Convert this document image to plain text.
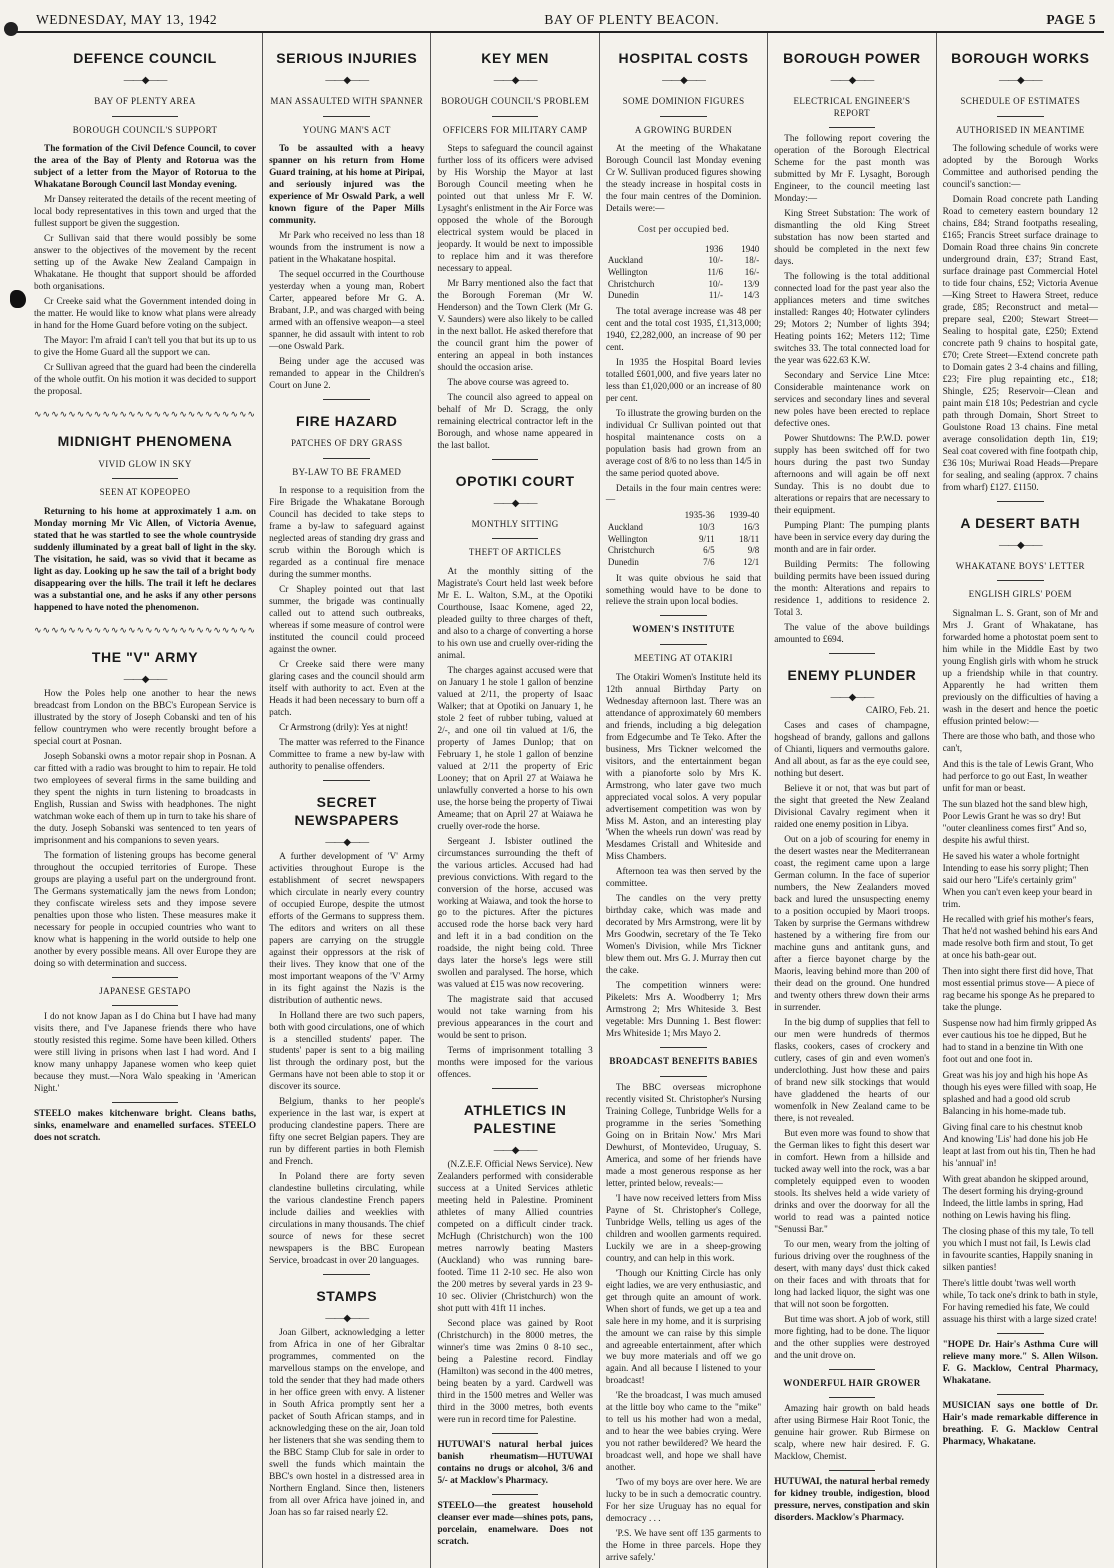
WEDNESDAY, MAY 13, 1942	BAY OF PLENTY BEACON.	PAGE 5
DEFENCE COUNCIL
——◆——
BAY OF PLENTY AREA
BOROUGH COUNCIL'S SUPPORT

The formation of the Civil Defence Council, to cover the area of the Bay of Plenty and Rotorua was the subject of a letter from the Mayor of Rotorua to the Whakatane Borough Council last Monday evening.

Mr Dansey reiterated the details of the recent meeting of local body representatives in this town and urged that the fullest support be given the suggestion.

Cr Sullivan said that there would possibly be some answer to the objectives of the movement by the recent setting up of the Awake New Zealand Campaign in Whakatane. He thought that support should be afforded both organisations.

Cr Creeke said what the Government intended doing in the matter. He would like to know what plans were already in hand for the Home Guard before voting on the subject.

The Mayor: I'm afraid I can't tell you that but its up to us to give the Home Guard all the support we can.

Cr Sullivan agreed that the guard had been the cinderella of the whole outfit. On his motion it was decided to support the proposal.

∿∿∿∿∿∿∿∿∿∿∿∿∿∿∿∿∿∿∿∿∿∿∿∿∿∿
MIDNIGHT PHENOMENA
VIVID GLOW IN SKY
SEEN AT KOPEOPEO

Returning to his home at approximately 1 a.m. on Monday morning Mr Vic Allen, of Victoria Avenue, stated that he was startled to see the whole countryside suddenly illuminated by a great ball of light in the sky. The visitation, he said, was so vivid that it became as light as day. Looking up he saw the tail of a bright body disappearing over the hills. The trail it left he declares was a substantial one, and he asks if any other persons happened to have noted the phenomenon.

∿∿∿∿∿∿∿∿∿∿∿∿∿∿∿∿∿∿∿∿∿∿∿∿∿∿
THE "V" ARMY
——◆——

How the Poles help one another to hear the news breadcast from London on the BBC's European Service is illustrated by the story of Joseph Cobanski and ten of his fellow countrymen who were recently brought before a special court at Posnan.

Joseph Sobanski owns a motor repair shop in Posnan. A car fitted with a radio was brought to him to repair. He told two employees of several firms in the same building and they spent the nights in turn listening to broadcasts in English, Russian and Swiss with headphones. The night watchman woke each of them up in turn to take his share of the duty. Joseph Sobanski was sentenced to ten years of imprisonment and his companions to seven years.

The formation of listening groups has become general throughout the occupied territories of Europe. These groups are playing a useful part on the underground front. The Germans systematically jam the news from London; they confiscate wireless sets and they impose severe penalties upon those who listen. These measures make it necessary for people in occupied countries who want to know what is happening in the world outside to help one another by every possible means. All over Europe they are doing so with determination and success.

JAPANESE GESTAPO

I do not know Japan as I do China but I have had many visits there, and I've Japanese friends there who have stoutly resisted this regime. Some have been killed. Others were still living in prisons when last I had word. And I know many unhappy Japanese women who keep quiet because they must.—Nora Walo speaking in 'American Night.'

STEELO makes kitchenware bright. Cleans baths, sinks, enamelware and enamelled surfaces. STEELO does not scratch.

SERIOUS INJURIES
——◆——
MAN ASSAULTED WITH SPANNER
YOUNG MAN'S ACT

To be assaulted with a heavy spanner on his return from Home Guard training, at his home at Piripai, and seriously injured was the experience of Mr Oswald Park, a well known figure of the Paper Mills community.

Mr Park who received no less than 18 wounds from the instrument is now a patient in the Whakatane hospital.

The sequel occurred in the Courthouse yesterday when a young man, Robert Carter, appeared before Mr G. A. Brabant, J.P., and was charged with being armed with an offensive weapon—a steel spanner, he did assault with intent to rob—one Oswald Park.

Being under age the accused was remanded to appear in the Children's Court on June 2.

FIRE HAZARD
PATCHES OF DRY GRASS
BY-LAW TO BE FRAMED

In response to a requisition from the Fire Brigade the Whakatane Borough Council has decided to take steps to frame a by-law to safeguard against neglected areas of standing dry grass and scrub within the Borough which is regarded as a continual fire menace during the summer months.

Cr Shapley pointed out that last summer, the brigade was continually called out to attend such outbreaks, whereas if some measure of control were instituted the council could proceed against the owner.

Cr Creeke said there were many glaring cases and the council should arm itself with authority to act. Even at the Heads it had been necessary to burn off a patch.

Cr Armstrong (drily): Yes at night!

The matter was referred to the Finance Committee to frame a new by-law with authority to penalise offenders.

SECRET NEWSPAPERS
——◆——

A further development of 'V' Army activities throughout Europe is the establishment of secret newspapers which circulate in nearly every country of occupied Europe, despite the utmost efforts of the Germans to suppress them. The editors and writers on all these papers are carrying on the struggle against their oppressors at the risk of their lives. They know that one of the most important weapons of the 'V' Army in its fight against the Nazis is the distribution of authentic news.

In Holland there are two such papers, both with good circulations, one of which is a stencilled students' paper. The students' paper is sent to a big mailing list through the ordinary post, but the Germans have not been able to stop it or discover its source.

Belgium, thanks to her people's experience in the last war, is expert at producing clandestine papers. There are fifty one secret Belgian papers. They are run by different parties in both Flemish and French.

In Poland there are forty seven clandestine bulletins circulating, while the various clandestine French papers include dailies and weeklies with circulations in many thousands. The chief source of news for these secret newspapers is the BBC European Service, broadcast in over 20 languages.

STAMPS
——◆——

Joan Gilbert, acknowledging a letter from Africa in one of her Gibraltar programmes, commented on the marvellous stamps on the envelope, and told the sender that they had made others in her office green with envy. A listener in South Africa promptly sent her a packet of South African stamps, and in acknowledging these on the air, Joan told her listeners that she was sending them to the BBC Stamp Club for sale in order to swell the funds which maintain the BBC's own hostel in a distressed area in Northern England. Since then, listeners from all over Africa have joined in, and Joan has so far raised nearly £2.

KEY MEN
——◆——
BOROUGH COUNCIL'S PROBLEM
OFFICERS FOR MILITARY CAMP

Steps to safeguard the council against further loss of its officers were advised by His Worship the Mayor at last Borough Council meeting when he pointed out that unless Mr F. W. Lysaght's enlistment in the Air Force was opposed the whole of the Borough electrical system would be placed in jeopardy. It would be next to impossible to replace him and it was therefore necessary to appeal.

Mr Barry mentioned also the fact that the Borough Foreman (Mr W. Henderson) and the Town Clerk (Mr G. V. Saunders) were also likely to be called in the next ballot. He asked therefore that the council grant him the power of entering an appeal in both instances should the occasion arise.

The above course was agreed to.

The council also agreed to appeal on behalf of Mr D. Scragg, the only remaining electrical contractor left in the Borough, and whose name appeared in the last ballot.

OPOTIKI COURT
——◆——
MONTHLY SITTING
THEFT OF ARTICLES

At the monthly sitting of the Magistrate's Court held last week before Mr E. L. Walton, S.M., at the Opotiki Courthouse, Isaac Komene, aged 22, pleaded guilty to three charges of theft, and also to a charge of converting a horse to his own use and cruelly over-riding the animal.

The charges against accused were that on January 1 he stole 1 gallon of benzine valued at 2/11, the property of Isaac Walker; that at Opotiki on January 1, he stole 2 feet of rubber tubing, valued at 2/-, and one oil tin valued at 1/6, the property of James Dunlop; that on February 1, he stole 1 gallon of benzine valued at 2/11 the property of Eric Looney; that on April 27 at Waiawa he unlawfully converted a horse to his own use, the horse being the property of Tiwai Ameame; that on April 27 at Waiawa he cruelly over-rode the horse.

Sergeant J. Isbister outlined the circumstances surrounding the theft of the various articles. Accused had had previous convictions. With regard to the conversion of the horse, accused was working at Waiawa, and took the horse to go to the pictures. After the pictures accused rode the horse back very hard and left it in a bad condition on the roadside, the night being cold. Three days later the horse's legs were still swollen and paralysed. The horse, which was valued at £15 was now recovering.

The magistrate said that accused would not take warning from his previous appearances in the court and would be sent to prison.

Terms of imprisonment totalling 3 months were imposed for the various offences.

ATHLETICS IN PALESTINE
——◆——

(N.Z.E.F. Official News Service). New Zealanders performed with considerable success at a United Services athletic meeting held in Palestine. Prominent athletes of many Allied countries competed on a difficult cinder track. McHugh (Christchurch) won the 100 metres narrowly beating Masters (Auckland) who was running bare-footed. Time 11 2-10 sec. He also won the 200 metres by several yards in 23 9-10 sec. Olivier (Christchurch) won the shot putt with 41ft 11 inches.

Second place was gained by Root (Christchurch) in the 8000 metres, the winner's time was 2mins 0 8-10 sec., being a Palestine record. Findlay (Hamilton) was second in the 400 metres, being beaten by a yard. Cardwell was third in the 1500 metres and Weller was third in the 3000 metres, both events were run in record time for Palestine.

HUTUWAI'S natural herbal juices banish rheumatism—HUTUWAI contains no drugs or alcohol, 3/6 and 5/- at Macklow's Pharmacy.

STEELO—the greatest household cleanser ever made—shines pots, pans, porcelain, enamelware. Does not scratch.

HOSPITAL COSTS
——◆——
SOME DOMINION FIGURES
A GROWING BURDEN

At the meeting of the Whakatane Borough Council last Monday evening Cr W. Sullivan produced figures showing the steady increase in hospital costs in the four main centres of the Dominion. Details were:—

Cost per occupied bed.
	1936	1940
Auckland	10/-	18/-
Wellington	11/6	16/-
Christchurch	10/-	13/9
Dunedin	11/-	14/3

The total average increase was 48 per cent and the total cost 1935, £1,313,000; 1940, £2,282,000, an increase of 90 per cent.

In 1935 the Hospital Board levies totalled £601,000, and five years later no less than £1,020,000 or an increase of 80 per cent.

To illustrate the growing burden on the individual Cr Sullivan pointed out that hospital maintenance costs on a population basis had grown from an average cost of 8/6 to no less than 14/5 in the same period quoted above.

Details in the four main centres were:—

	1935-36	1939-40
Auckland	10/3	16/3
Wellington	9/11	18/11
Christchurch	6/5	9/8
Dunedin	7/6	12/1

It was quite obvious he said that something would have to be done to relieve the strain upon local bodies.

WOMEN'S INSTITUTE
MEETING AT OTAKIRI

The Otakiri Women's Institute held its 12th annual Birthday Party on Wednesday afternoon last. There was an attendance of approximately 60 members and friends, including a big delegation from Edgecumbe and Te Teko. After the business, Mrs Tickner welcomed the visitors, and the entertainment began with a pianoforte solo by Mrs K. Armstrong, who later gave two much appreciated vocal solos. A very popular advertisement competition was won by Miss M. Aston, and an interesting play 'When the wheels run down' was read by Mesdames Cristall and Whiteside and Miss Chambers.

Afternoon tea was then served by the committee.

The candles on the very pretty birthday cake, which was made and decorated by Mrs Armstrong, were lit by Mrs Goodwin, secretary of the Te Teko Women's Division, while Mrs Tickner blew them out. Mrs G. J. Murray then cut the cake.

The competition winners were: Pikelets: Mrs A. Woodberry 1; Mrs Armstrong 2; Mrs Whiteside 3. Best vegetable: Mrs Dunning 1. Best flower: Mrs Whiteside 1; Mrs Mayo 2.

BROADCAST BENEFITS BABIES

The BBC overseas microphone recently visited St. Christopher's Nursing Training College, Tunbridge Wells for a programme in the series 'Something Going on in Britain Now.' Mrs Mari Dewhurst, of Montevideo, Uruguay, S. America, and some of her friends have made a most generous response as her letter, printed below, reveals:—

'I have now received letters from Miss Payne of St. Christopher's College, Tunbridge Wells, telling us ages of the children and woollen garments required. Luckily we are in a sheep-growing country, and can help in this work.

'Though our Knitting Circle has only eight ladies, we are very enthusiastic, and get through quite an amount of work. When short of funds, we get up a tea and sale here in my home, and it is surprising the amount we can raise by this simple and agreeable entertainment, after which we buy more materials and off we go again. And all because I listened to your broadcast!

'Re the broadcast, I was much amused at the little boy who came to the "mike" to tell us his mother had won a medal, and to hear the wee babies crying. Were you not rather bewildered? We heard the broadcast well, and hope we shall have another.

'Two of my boys are over here. We are lucky to be in such a democratic country. For her size Uruguay has no equal for democracy . . .

'P.S. We have sent off 135 garments to the Home in three parcels. Hope they arrive safely.'

BOROUGH POWER
——◆——
ELECTRICAL ENGINEER'S REPORT

The following report covering the operation of the Borough Electrical Scheme for the past month was submitted by Mr F. Lysaght, Borough Engineer, to the council meeting last Monday:—

King Street Substation: The work of dismantling the old King Street substation has now been started and should be completed in the next few days.

The following is the total additional connected load for the past year also the appliances meters and time switches installed: Ranges 40; Hotwater cylinders 29; Motors 2; Number of lights 394; Heating points 162; Meters 112; Time switches 33. The total connected load for the year was 622.63 K.W.

Secondary and Service Line Mtce: Considerable maintenance work on services and secondary lines and several new poles have been erected to replace defective ones.

Power Shutdowns: The P.W.D. power supply has been switched off for two hours during the past two Sunday afternoons and will again be off next Sunday. This is no doubt due to alterations or repairs that are necessary to their equipment.

Pumping Plant: The pumping plants have been in service every day during the month and are in fair order.

Building Permits: The following building permits have been issued during the month: Alterations and repairs to residence 1, additions to residence 2. Total 3.

The value of the above buildings amounted to £694.

ENEMY PLUNDER
——◆——

CAIRO, Feb. 21.

Cases and cases of champagne, hogshead of brandy, gallons and gallons of Chianti, liquers and vermouths galore. And all about, as far as the eye could see, nothing but desert.

Believe it or not, that was but part of the sight that greeted the New Zealand Divisional Cavalry regiment when it raided one enemy position in Libya.

Out on a job of scouring for enemy in the desert wastes near the Mediterranean coast, the regiment came upon a large German column. In the face of superior numbers, the New Zealanders moved back and lured the unsuspecting enemy to a position occupied by Maori troops. Taken by surprise the Germans withdrew hastened by a withering fire from our machine guns and antitank guns, and after a fierce bayonet charge by the Maoris, leaving behind more than 200 of their dead on the ground. One hundred and twenty others threw down their arms in surrender.

In the big dump of supplies that fell to our men were hundreds of thermos flasks, cookers, cases of crockery and cutlery, cases of gin and even women's underclothing. Just how these and pairs of brand new silk stockings that would have gladdened the hearts of our womenfolk in New Zealand came to be there, is not revealed.

But even more was found to show that the German likes to fight this desert war in comfort. Hewn from a hillside and tucked away well into the rock, was a bar completely equipped even to wooden stools. Its shelves held a wide variety of drinks and over the doorway for all the world to read was a painted notice "Senussi Bar."

To our men, weary from the jolting of furious driving over the roughness of the desert, with many days' dust thick caked on their faces and with throats that for long had lacked liquor, the sight was one that will not soon be forgotten.

But time was short. A job of work, still more fighting, had to be done. The liquor and the other supplies were destroyed and the unit drove on.

WONDERFUL HAIR GROWER

Amazing hair growth on bald heads after using Birmese Hair Root Tonic, the genuine hair grower. Rub Birmese on scalp, where new hair desired. F. G. Macklow, Chemist.

HUTUWAI, the natural herbal remedy for kidney trouble, indigestion, blood pressure, nerves, constipation and skin disorders. Macklow's Pharmacy.

BOROUGH WORKS
——◆——
SCHEDULE OF ESTIMATES
AUTHORISED IN MEANTIME

The following schedule of works were adopted by the Borough Works Committee and authorised pending the council's sanction:—

Domain Road concrete path Landing Road to cemetery eastern boundary 12 chains, £84; Strand footpaths resealing, £165; Francis Street surface drainage to Domain Road three chains 9in concrete underground drain, £37; Strand East, surface drainage past Commercial Hotel to tide four chains, £52; Victoria Avenue—King Street to Hawera Street, reduce grade, £85; Reconstruct and metal—prepare seal, £200; Stewart Street—Sealing to hospital gate, £250; Extend concrete path 9 chains to hospital gate, £70; Crete Street—Extend concrete path to Domain gates 2 3-4 chains and filling, £23; Fire plug repainting etc., £18; Shingle, £25; Reservoir—Clean and paint main £18 10s; Pedestrian and cycle path through Domain, Short Street to Goulstone Road 13 chains. Fine metal average consolidation depth 1in, £19; Seal coat covered with fine footpath chip, £36 10s; Muriwai Road Heads—Prepare for sealing, and sealing (approx. 7 chains from wharf) £127. £1150.

A DESERT BATH
——◆——
WHAKATANE BOYS' LETTER
ENGLISH GIRLS' POEM

Signalman L. S. Grant, son of Mr and Mrs J. Grant of Whakatane, has forwarded home a photostat poem sent to him while in the Middle East by two young English girls with whom he struck up a friendship while in that country. Apparently he had written them previously on the difficulties of having a wash in the desert and hence the poetic effusion printed below:—

There are those who bath, and those who can't,

And this is the tale of Lewis Grant, Who had perforce to go out East, In weather unfit for man or beast.

The sun blazed hot the sand blew high, Poor Lewis Grant he was so dry! But "outer cleanliness comes first" And so, despite his awful thirst.

He saved his water a whole fortnight Intending to ease his sorry plight; Then said our hero "Life's certainly grim" When you can't even keep your beard in trim.

He recalled with grief his mother's fears, That he'd not washed behind his ears And made resolve both firm and stout, To get at once his bath-gear out.

Then into sight there first did hove, That most essential primus stove— A piece of rag became his sponge As he prepared to take the plunge.

Suspense now had him firmly gripped As ever cautious his toe he dipped, But he had to stand in a benzine tin With one foot out and one foot in.

Great was his joy and high his hope As though his eyes were filled with soap, He splashed and had a good old scrub Balancing in his home-made tub.

Giving final care to his chestnut knob And knowing 'Lis' had done his job He leapt at last from out his tin, Then he had his 'annual' in!

With great abandon he skipped around, The desert forming his drying-ground Indeed, the little lambs in spring, Had nothing on Lewis having his fling.

The closing phase of this my tale, To tell you which I must not fail, Is Lewis clad in favourite scanties, Happily snaning in silken panties!

There's little doubt 'twas well worth while, To tack one's drink to bath in style, For having remedied his fate, We could assuage his thirst with a large sized crate!

"HOPE Dr. Hair's Asthma Cure will relieve many more." S. Allen Wilson. F. G. Macklow, Central Pharmacy, Whakatane.

MUSICIAN says one bottle of Dr. Hair's made remarkable difference in breathing. F. G. Macklow Central Pharmacy, Whakatane.
